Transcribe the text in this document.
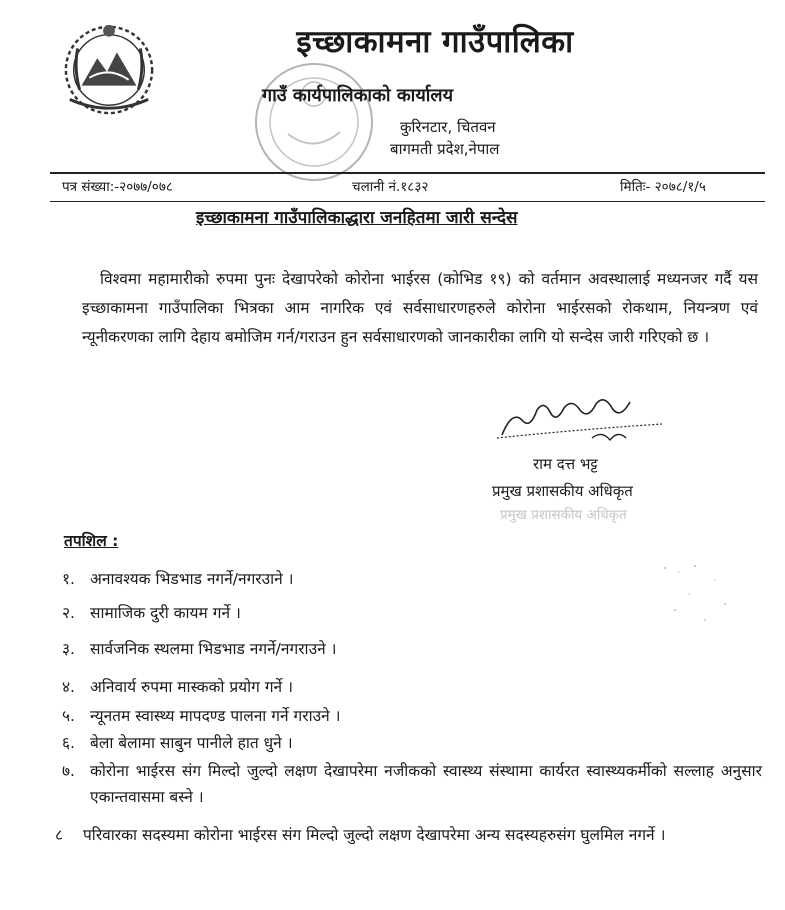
इच्छाकामना गाउँपालिका
गाउँ कार्यपालिकाको कार्यालय
कुरिनटार, चितवन
बागमती प्रदेश,नेपाल
पत्र संख्या:-२०७७/०७८	चलानी नं.१८३२	मितिः- २०७८/१/५
इच्छाकामना गाउँपालिकाद्धारा जनहितमा जारी सन्देस
विश्वमा महामारीको रुपमा पुनः देखापरेको कोरोना भाईरस (कोभिड १९) को वर्तमान अवस्थालाई मध्यनजर गर्दै यस इच्छाकामना गाउँपालिका भित्रका आम नागरिक एवं सर्वसाधारणहरुले कोरोना भाईरसको रोकथाम, नियन्त्रण एवं न्यूनीकरणका लागि देहाय बमोजिम गर्न/गराउन हुन सर्वसाधारणको जानकारीका लागि यो सन्देस जारी गरिएको छ ।
राम दत्त भट्ट
प्रमुख प्रशासकीय अधिकृत
प्रमुख प्रशासकीय अधिकृत
तपशिल :
१. अनावश्यक भिडभाड नगर्ने/नगरउाने ।
२. सामाजिक दुरी कायम गर्ने ।
३. सार्वजनिक स्थलमा भिडभाड नगर्ने/नगराउने ।
४. अनिवार्य रुपमा मास्कको प्रयोग गर्ने ।
५. न्यूनतम स्वास्थ्य मापदण्ड पालना गर्ने गराउने ।
६. बेला बेलामा साबुन पानीले हात धुने ।
७. कोरोना भाईरस संग मिल्दो जुल्दो लक्षण देखापरेमा नजीकको स्वास्थ्य संस्थामा कार्यरत स्वास्थ्यकर्मीको सल्लाह अनुसार एकान्तवासमा बस्ने ।
८	परिवारका सदस्यमा कोरोना भाईरस संग मिल्दो जुल्दो लक्षण देखापरेमा अन्य सदस्यहरुसंग घुलमिल नगर्ने ।
